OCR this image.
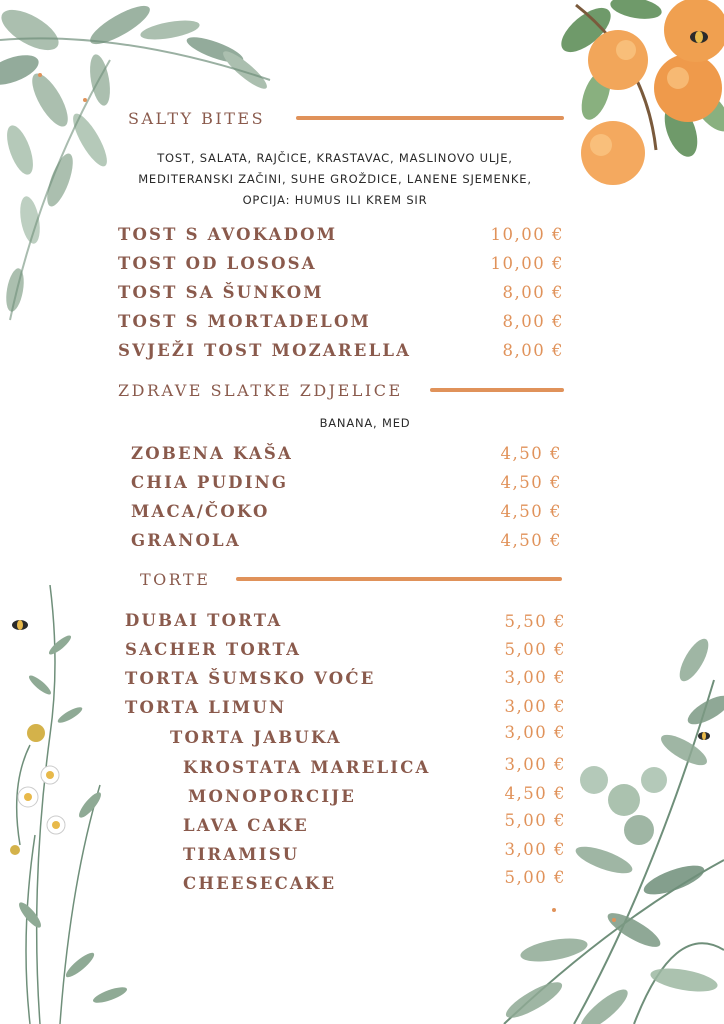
SALTY BITES
TOST, SALATA, RAJČICE, KRASTAVAC, MASLINOVO ULJE,
MEDITERANSKI ZAČINI, SUHE GROŽDICE, LANENE SJEMENKE,
OPCIJA: HUMUS ILI KREM SIR
TOST S AVOKADOM	10,00 €
TOST OD LOSOSA	10,00 €
TOST SA ŠUNKOM	8,00 €
TOST S MORTADELOM	8,00 €
SVJEŽI TOST MOZARELLA	8,00 €
ZDRAVE SLATKE ZDJELICE
BANANA, MED
ZOBENA KAŠA	4,50 €
CHIA PUDING	4,50 €
MACA/ČOKO	4,50 €
GRANOLA	4,50 €
TORTE
DUBAI TORTA	5,50 €
SACHER TORTA	5,00 €
TORTA ŠUMSKO VOĆE	3,00 €
TORTA LIMUN	3,00 €
TORTA JABUKA	3,00 €
KROSTATA MARELICA	3,00 €
MONOPORCIJE	4,50 €
LAVA CAKE	5,00 €
TIRAMISU	3,00 €
CHEESECAKE	5,00 €
